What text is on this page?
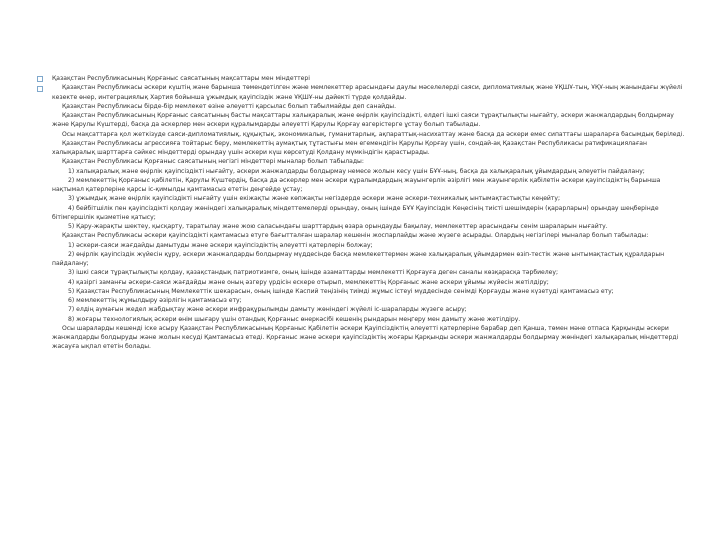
Қазақстан Республикасының Қорғаныс саясатының мақсаттары мен міндеттері

Қазақстан Республикасы әскери күштің және барынша төмендетілген және мемлекеттер арасындағы даулы мәселелерді саяси, дипломатиялық және ҰҚШҰ-тың, ҰҚҰ-ның жанындағы жүйелі кезекте өнер, интеграциялық Хартия бойынша ұжымдық қауіпсіздік және ҰҚШҰ-ны дәйекті түрде қолдайды.

Қазақстан Республикасы бірде-бір мемлекет өзіне әлеуетті қарсылас болып табылмайды деп санайды.

Қазақстан Республикасының Қорғаныс саясатының басты мақсаттары халықаралық және өңірлік қауіпсіздікті, елдегі ішкі саяси тұрақтылықты нығайту, әскери жанжалдардың болдырмау және Қарулы Күштерді, басқа да әскерлер мен әскери құралымдарды әлеуетті Қарулы Қорғау өзгерістерге ұстау болып табылады.

Осы мақсаттарға қол жеткізуде саяси-дипломатиялық, құқықтық, экономикалық, гуманитарлық, ақпараттық-насихаттау және басқа да әскери емес сипаттағы шараларға басымдық беріледі.

Қазақстан Республикасы агрессияға тойтарыс беру, мемлекеттің аумақтық тұтастығы мен егемендігін Қарулы Қорғау үшін, сондай-ақ Қазақстан Республикасы ратификациялаған халықаралық шарттарға сәйкес міндеттерді орындау үшін әскери күш көрсетуді Қолдану мүмкіндігін қарастырады.

Қазақстан Республикасы Қорғаныс саясатының негізгі міндеттері мыналар болып табылады:

1) халықаралық және өңірлік қауіпсіздікті нығайту, әскери жанжалдарды болдырмау немесе жолын кесу үшін БҰҰ-ның, басқа да халықаралық ұйымдардың әлеуетін пайдалану;

2) мемлекеттің Қорғаныс қабілетін, Қарулы Күштердің, басқа да әскерлер мен әскери құралымдардың жауынгерлік әзірлігі мен жауынгерлік қабілетін әскери қауіпсіздіктің барынша нақтымал қатерлеріне қарсы іс-қимылды қамтамасыз ететін деңгейде ұстау;

3) ұжымдық және өңірлік қауіпсіздікті нығайту үшін екіжақты және көпжақты негіздерде әскери және әскери-техникалық ынтымақтастықты кеңейту;

4) бейбітшілік пен қауіпсіздікті қолдау жөніндегі халықаралық міндеттемелерді орындау, оның ішінде БҰҰ Қауіпсіздік Кеңесінің тиісті шешімдерін (қарарларын) орындау шеңберінде бітімгершілік қызметіне қатысу;

5) Қару-жарақты шектеу, қысқарту, таратылау және жою саласындағы шарттардың өзара орындауды бақылау, мемлекеттер арасындағы сенім шараларын нығайту.

Қазақстан Республикасы әскери қауіпсіздікті қамтамасыз етуге бағытталған шаралар кешенін жоспарлайды және жүзеге асырады. Олардың негізгілері мыналар болып табылады:

1) әскери-саяси жағдайды дамытуды және әскери қауіпсіздіктің әлеуетті қатерлерін болжау;

2) өңірлік қауіпсіздік жүйесін құру, әскери жанжалдарды болдырмау мүддесінде басқа мемлекеттермен және халықаралық ұйымдармен өзіп-тестік және ынтымақтастық құралдарын пайдалану;

3) ішкі саяси тұрақтылықты қолдау, қазақстандық патриотизмге, оның ішінде азаматтарды мемлекетті Қорғауға деген саналы көзқарасқа тәрбиелеу;

4) қазіргі заманғы әскери-саяси жағдайды және оның әзгеру үрдісін ескере отырып, мемлекеттің Қорғаныс және әскери ұйымы жүйесін жетілдіру;

5) Қазақстан Республикасының Мемлекеттік шекарасын, оның ішінде Каспий теңізінің тиімді жұмыс істеуі мүддесінде сенімді Қорғауды және күзетуді қамтамасыз ету;

6) мемлекеттің жұмылдыру әзірлігін қамтамасыз ету;

7) елдің аумағын жедел жабдықтау және әскери инфрақұрылымды дамыту жөніндегі жүйелі іс-шараларды жүзеге асыру;

8) жоғары технологиялық әскери өнім шығару үшін отандық Қорғаныс өнеркәсібі кешенің рындарын меңгеру мен дамыту және жетілдіру.

Осы шараларды кешенді іске асыру Қазақстан Республикасының Қорғаныс Қабілетін әскери Қауіпсіздіктің әлеуетті қатерлеріне барабар деп Қанша, төмен мәне отпаса Қарқынды әскери жанжалдарды болдыруды және жолын кесуді Қамтамасыз етеді. Қорғаныс және әскери қауіпсіздіктің жоғары Қарқынды әскери жанжалдарды болдырмау жөніндегі халықаралық міндеттерді жасауға ықпал ететін болады.
